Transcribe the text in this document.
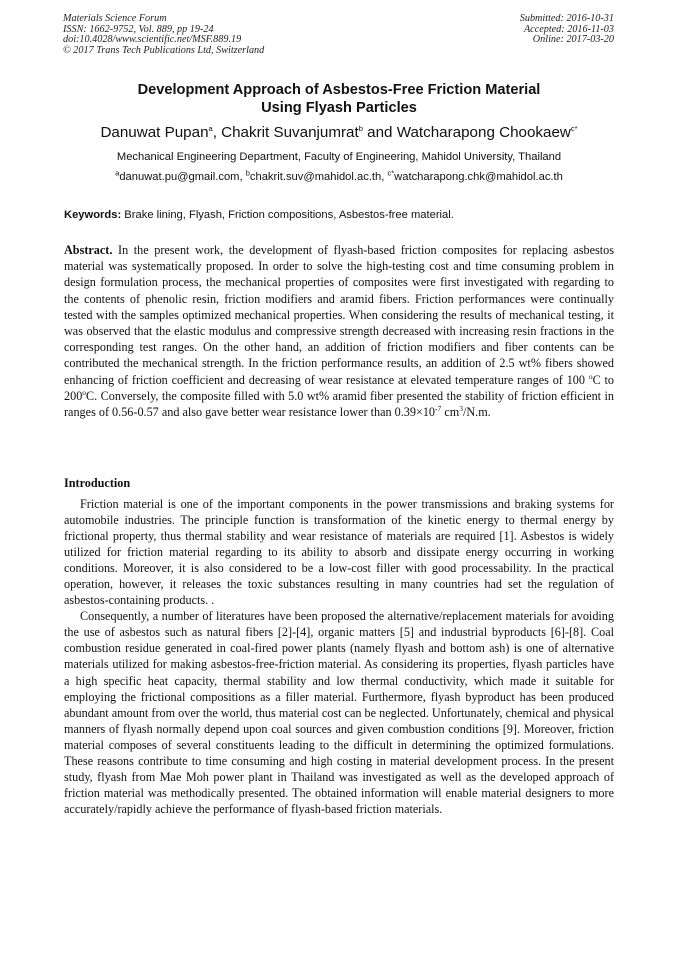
Materials Science Forum
ISSN: 1662-9752, Vol. 889, pp 19-24
doi:10.4028/www.scientific.net/MSF.889.19
© 2017 Trans Tech Publications Ltd, Switzerland
Submitted: 2016-10-31
Accepted: 2016-11-03
Online: 2017-03-20
Development Approach of Asbestos-Free Friction Material
Using Flyash Particles
Danuwat Pupan$^a$, Chakrit Suvanjumrat$^b$ and Watcharapong Chookaew$^{c*}$
Mechanical Engineering Department, Faculty of Engineering, Mahidol University, Thailand
$^a$danuwat.pu@gmail.com, $^b$chakrit.suv@mahidol.ac.th, $^{c*}$watcharapong.chk@mahidol.ac.th
Keywords: Brake lining, Flyash, Friction compositions, Asbestos-free material.

Abstract. In the present work, the development of flyash-based friction composites for replacing asbestos material was systematically proposed. In order to solve the high-testing cost and time consuming problem in design formulation process, the mechanical properties of composites were first investigated with regarding to the contents of phenolic resin, friction modifiers and aramid fibers. Friction performances were continually tested with the samples optimized mechanical properties. When considering the results of mechanical testing, it was observed that the elastic modulus and compressive strength decreased with increasing resin fractions in the corresponding test ranges. On the other hand, an addition of friction modifiers and fiber contents can be contributed the mechanical strength. In the friction performance results, an addition of 2.5 wt% fibers showed enhancing of friction coefficient and decreasing of wear resistance at elevated temperature ranges of 100 $^o$C to 200$^o$C. Conversely, the composite filled with 5.0 wt% aramid fiber presented the stability of friction efficient in ranges of 0.56-0.57 and also gave better wear resistance lower than $0.39\times 10^{-7}$ $cm^3/N.m$.

Introduction

Friction material is one of the important components in the power transmissions and braking systems for automobile industries. The principle function is transformation of the kinetic energy to thermal energy by frictional property, thus thermal stability and wear resistance of materials are required [1]. Asbestos is widely utilized for friction material regarding to its ability to absorb and dissipate energy occurring in working conditions. Moreover, it is also considered to be a low-cost filler with good processability. In the practical operation, however, it releases the toxic substances resulting in many countries had set the regulation of asbestos-containing products. .

Consequently, a number of literatures have been proposed the alternative/replacement materials for avoiding the use of asbestos such as natural fibers [2]-[4], organic matters [5] and industrial byproducts [6]-[8]. Coal combustion residue generated in coal-fired power plants (namely flyash and bottom ash) is one of alternative materials utilized for making asbestos-free-friction material. As considering its properties, flyash particles have a high specific heat capacity, thermal stability and low thermal conductivity, which made it suitable for employing the frictional compositions as a filler material. Furthermore, flyash byproduct has been produced abundant amount from over the world, thus material cost can be neglected. Unfortunately, chemical and physical manners of flyash normally depend upon coal sources and given combustion conditions [9]. Moreover, friction material composes of several constituents leading to the difficult in determining the optimized formulations. These reasons contribute to time consuming and high costing in material development process. In the present study, flyash from Mae Moh power plant in Thailand was investigated as well as the developed approach of friction material was methodically presented. The obtained information will enable material designers to more accurately/rapidly achieve the performance of flyash-based friction materials.
